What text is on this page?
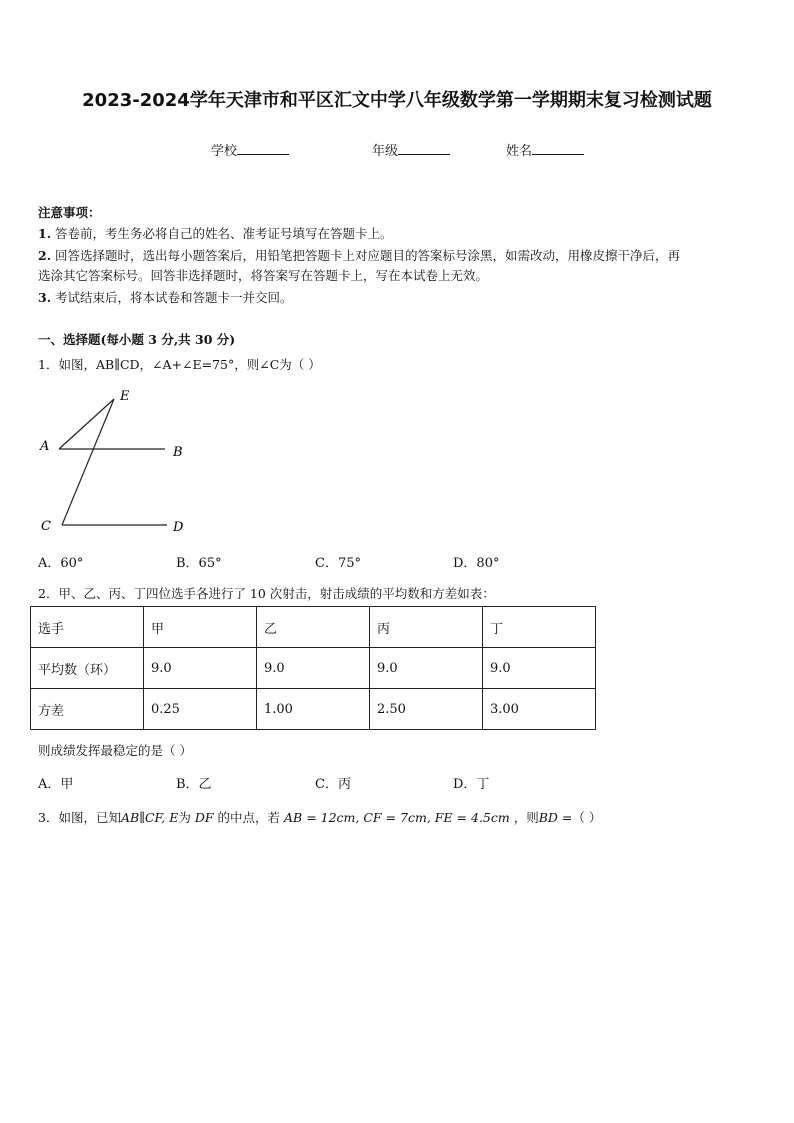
2023-2024学年天津市和平区汇文中学八年级数学第一学期期末复习检测试题
学校	年级	姓名
注意事项：
1. 答卷前，考生务必将自己的姓名、准考证号填写在答题卡上。
2. 回答选择题时，选出每小题答案后，用铅笔把答题卡上对应题目的答案标号涂黑，如需改动，用橡皮擦干净后，再
选涂其它答案标号。回答非选择题时，将答案写在答题卡上，写在本试卷上无效。
3. 考试结束后，将本试卷和答题卡一并交回。
一、选择题(每小题 3 分,共 30 分)
1．如图，AB∥CD，∠A+∠E=75°，则∠C为（ ）
E
A	B
C	D
A．60°	B．65°	C．75°	D．80°
2．甲、乙、丙、丁四位选手各进行了 10 次射击，射击成绩的平均数和方差如表：
选手	甲	乙	丙	丁
平均数（环）	9.0	9.0	9.0	9.0
方差	0.25	1.00	2.50	3.00
则成绩发挥最稳定的是（ ）
A．甲	B．乙	C．丙	D．丁
3．如图，已知AB∥CF, E为 DF 的中点，若 AB = 12cm, CF = 7cm, FE = 4.5cm ，则BD =（ ）
